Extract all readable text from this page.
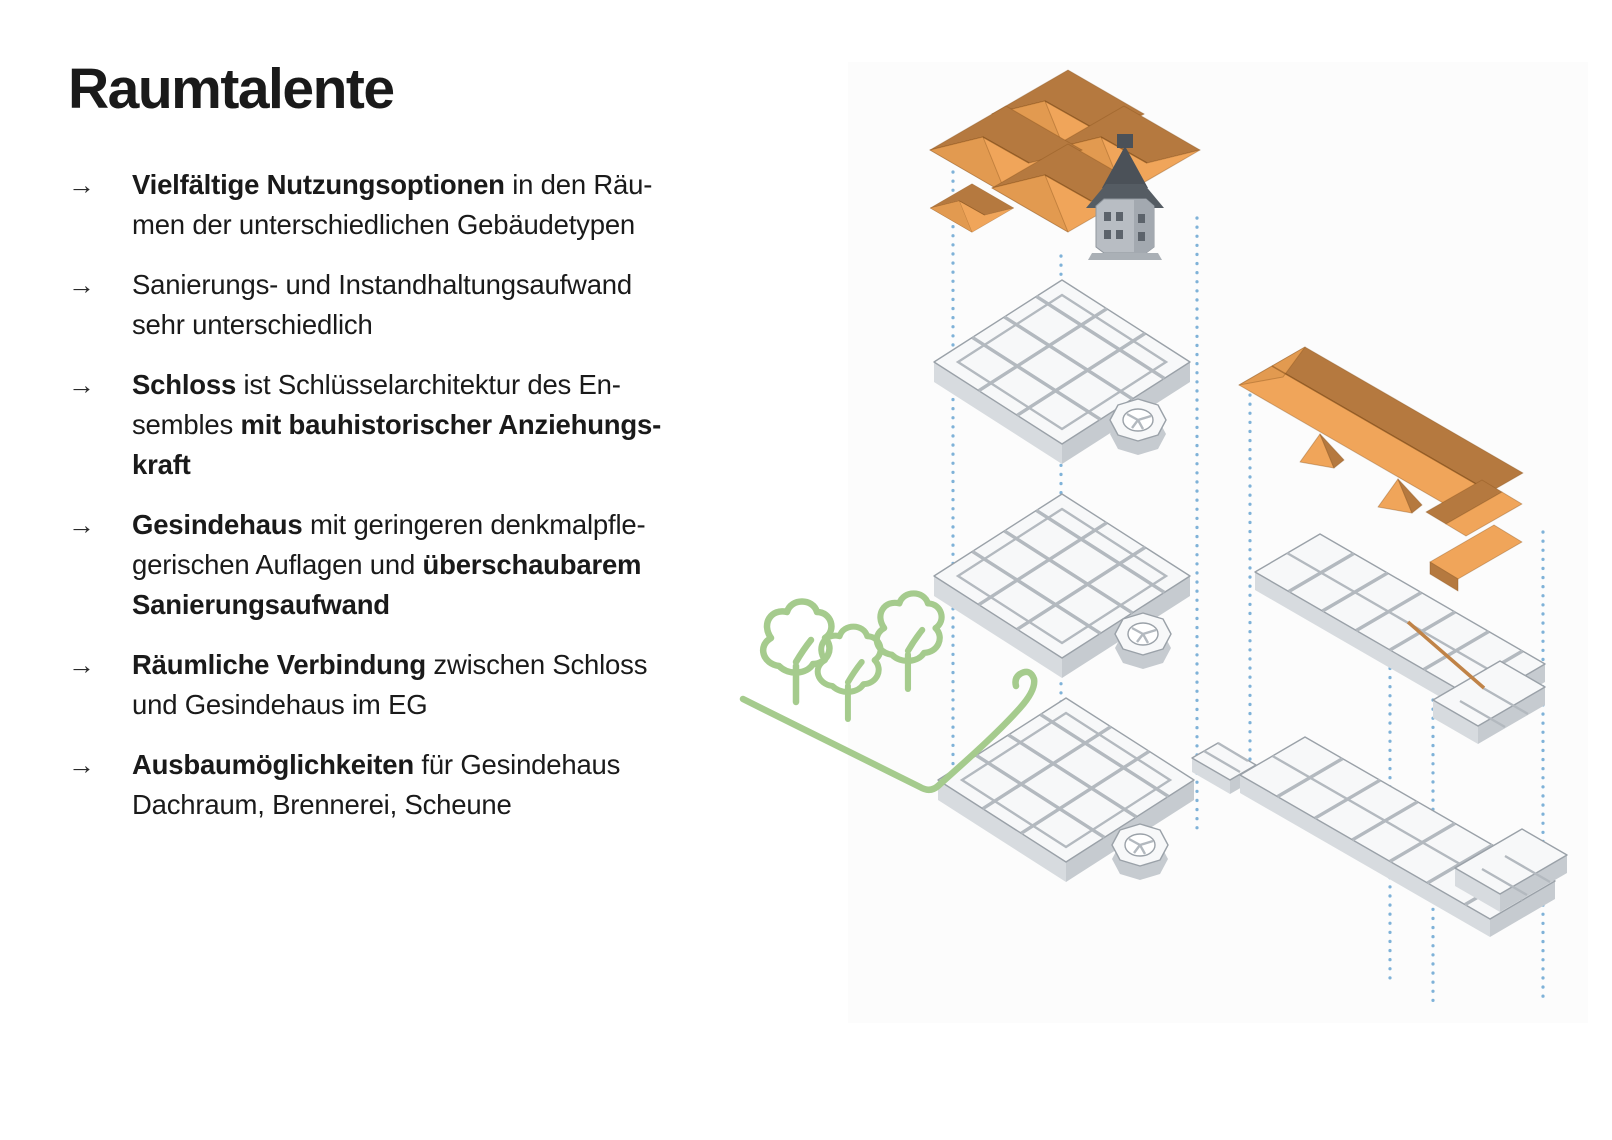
Raumtalente
→	Vielfältige Nutzungsoptionen in den Räu-
men der unterschiedlichen Gebäudetypen
→	Sanierungs- und Instandhaltungsaufwand
sehr unterschiedlich
→	Schloss ist Schlüsselarchitektur des En-
sembles mit bauhistorischer Anziehungs-
kraft
→	Gesindehaus mit geringeren denkmalpfle-
gerischen Auflagen und überschaubarem
Sanierungsaufwand
→	Räumliche Verbindung zwischen Schloss
und Gesindehaus im EG
→	Ausbaumöglichkeiten für Gesindehaus
Dachraum, Brennerei, Scheune
